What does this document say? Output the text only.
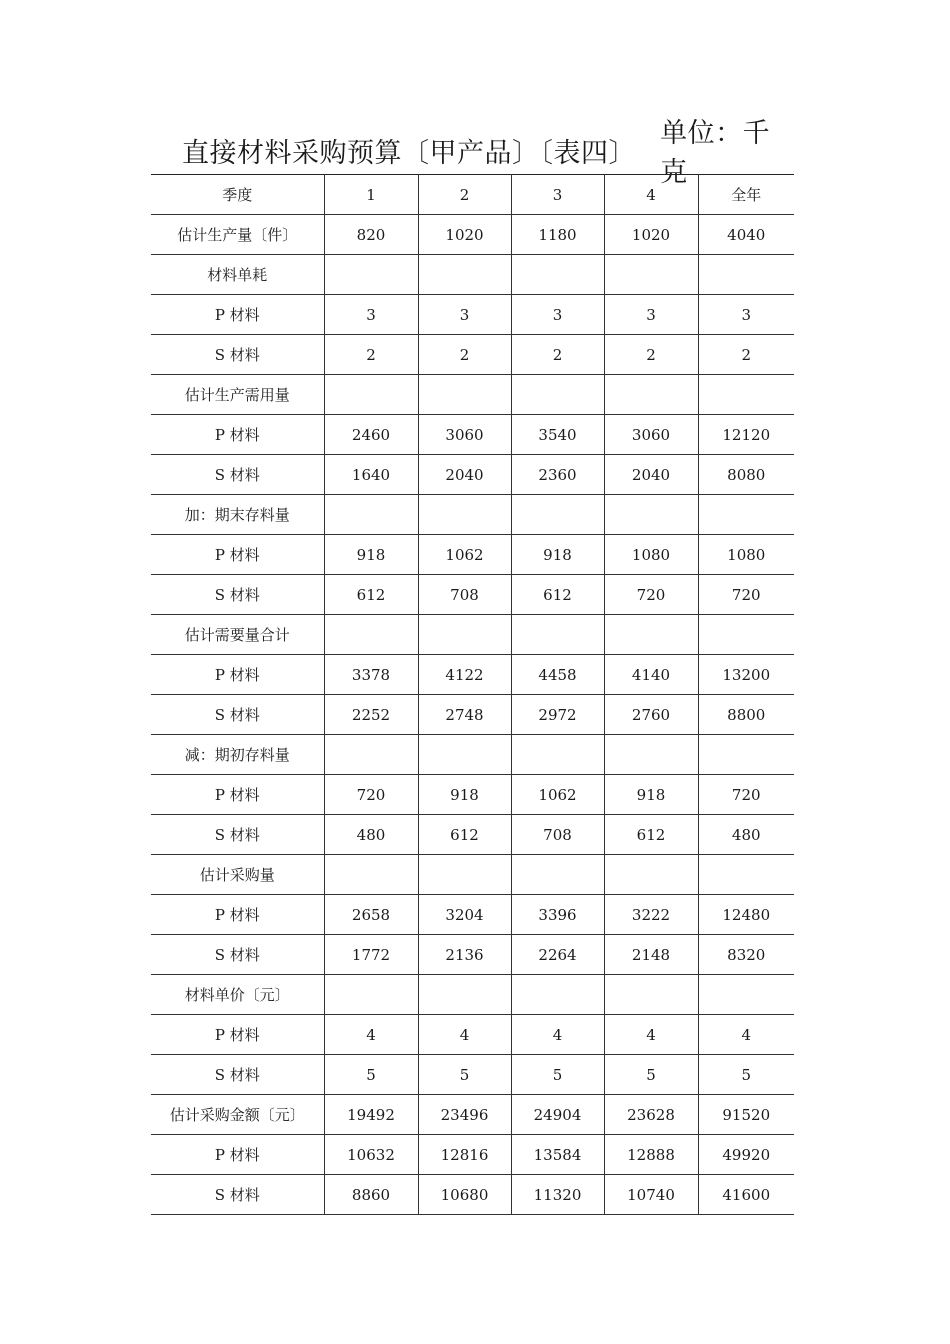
直接材料采购预算〔甲产品〕〔表四〕
单位：千克
季度	1	2	3	4	全年
估计生产量〔件〕	820	1020	1180	1020	4040
材料单耗					
P 材料	3	3	3	3	3
S 材料	2	2	2	2	2
估计生产需用量					
P 材料	2460	3060	3540	3060	12120
S 材料	1640	2040	2360	2040	8080
加：期末存料量					
P 材料	918	1062	918	1080	1080
S 材料	612	708	612	720	720
估计需要量合计					
P 材料	3378	4122	4458	4140	13200
S 材料	2252	2748	2972	2760	8800
减：期初存料量					
P 材料	720	918	1062	918	720
S 材料	480	612	708	612	480
估计采购量					
P 材料	2658	3204	3396	3222	12480
S 材料	1772	2136	2264	2148	8320
材料单价〔元〕					
P 材料	4	4	4	4	4
S 材料	5	5	5	5	5
估计采购金额〔元〕	19492	23496	24904	23628	91520
P 材料	10632	12816	13584	12888	49920
S 材料	8860	10680	11320	10740	41600
